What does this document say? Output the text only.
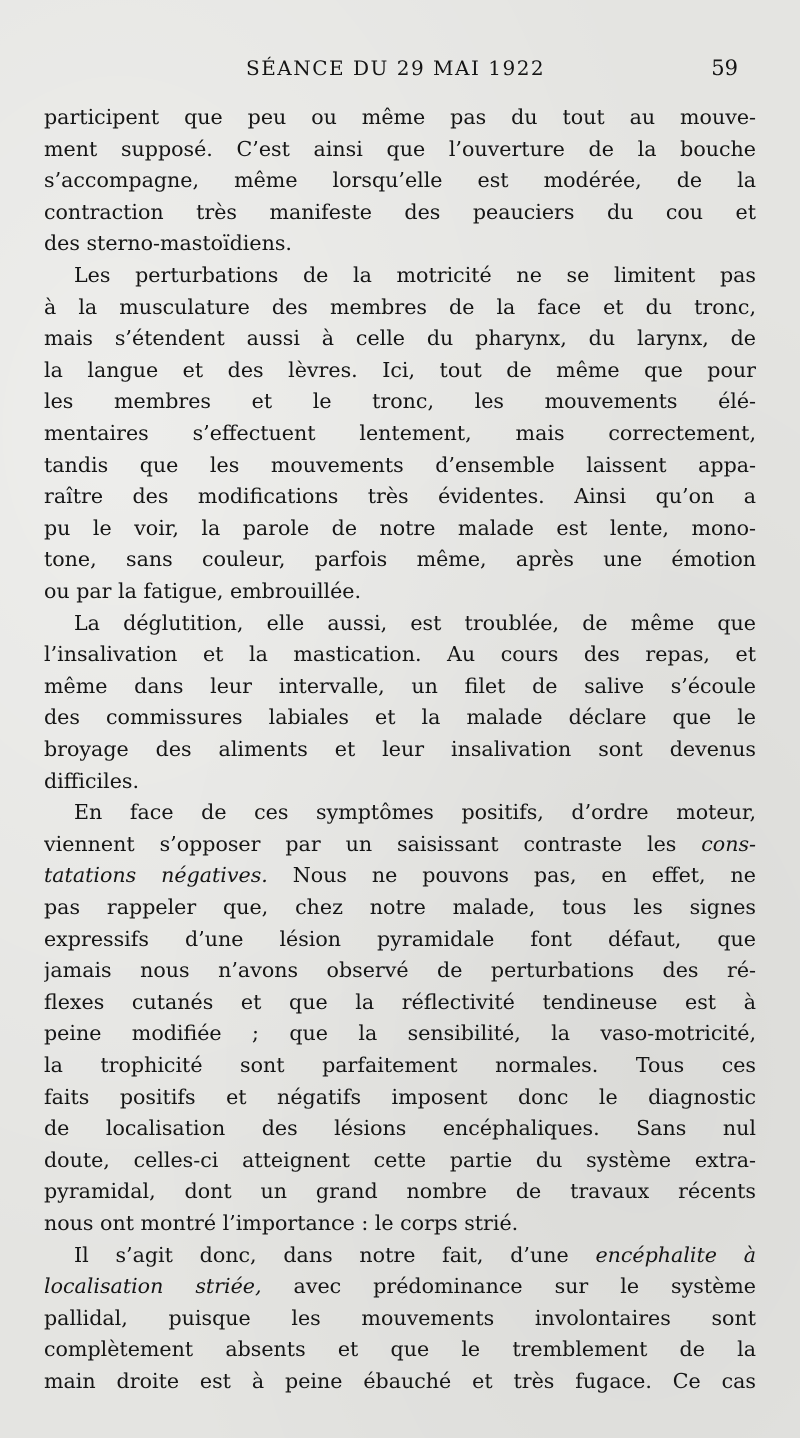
SÉANCE DU 29 MAI 1922	59
participent que peu ou même pas du tout au mouve-
ment supposé. C’est ainsi que l’ouverture de la bouche
s’accompagne, même lorsqu’elle est modérée, de la
contraction très manifeste des peauciers du cou et
des sterno-mastoïdiens.
Les perturbations de la motricité ne se limitent pas
à la musculature des membres de la face et du tronc,
mais s’étendent aussi à celle du pharynx, du larynx, de
la langue et des lèvres. Ici, tout de même que pour
les membres et le tronc, les mouvements élé-
mentaires s’effectuent lentement, mais correctement,
tandis que les mouvements d’ensemble laissent appa-
raître des modifications très évidentes. Ainsi qu’on a
pu le voir, la parole de notre malade est lente, mono-
tone, sans couleur, parfois même, après une émotion
ou par la fatigue, embrouillée.
La déglutition, elle aussi, est troublée, de même que
l’insalivation et la mastication. Au cours des repas, et
même dans leur intervalle, un filet de salive s’écoule
des commissures labiales et la malade déclare que le
broyage des aliments et leur insalivation sont devenus
difficiles.
En face de ces symptômes positifs, d’ordre moteur,
viennent s’opposer par un saisissant contraste les cons-
tatations négatives. Nous ne pouvons pas, en effet, ne
pas rappeler que, chez notre malade, tous les signes
expressifs d’une lésion pyramidale font défaut, que
jamais nous n’avons observé de perturbations des ré-
flexes cutanés et que la réflectivité tendineuse est à
peine modifiée ; que la sensibilité, la vaso-motricité,
la trophicité sont parfaitement normales. Tous ces
faits positifs et négatifs imposent donc le diagnostic
de localisation des lésions encéphaliques. Sans nul
doute, celles-ci atteignent cette partie du système extra-
pyramidal, dont un grand nombre de travaux récents
nous ont montré l’importance : le corps strié.
Il s’agit donc, dans notre fait, d’une encéphalite à
localisation striée, avec prédominance sur le système
pallidal, puisque les mouvements involontaires sont
complètement absents et que le tremblement de la
main droite est à peine ébauché et très fugace. Ce cas
